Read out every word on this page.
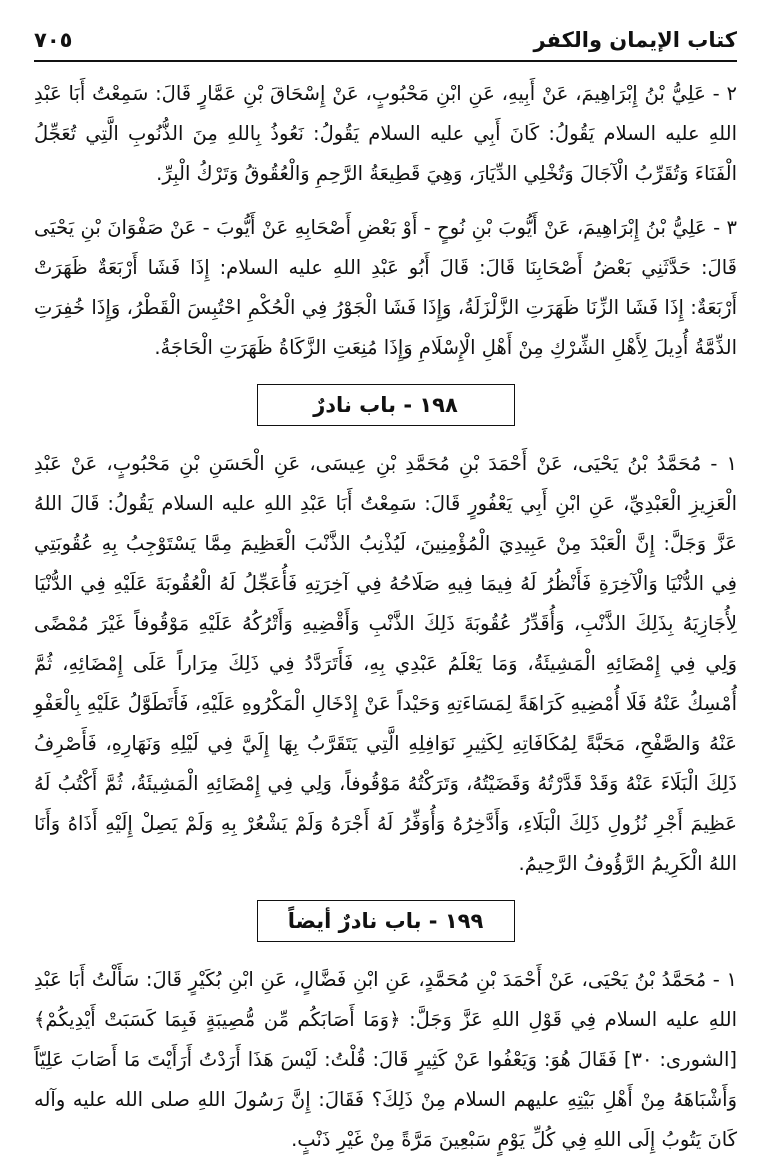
كتاب الإيمان والكفر
٧٠٥

٢ - عَلِيُّ بْنُ إِبْرَاهِيمَ، عَنْ أَبِيهِ، عَنِ ابْنِ مَحْبُوبٍ، عَنْ إِسْحَاقَ بْنِ عَمَّارٍ قَالَ: سَمِعْتُ أَبَا عَبْدِ اللهِ عليه السلام يَقُولُ: كَانَ أَبِي عليه السلام يَقُولُ: نَعُوذُ بِاللهِ مِنَ الذُّنُوبِ الَّتِي تُعَجِّلُ الْفَنَاءَ وَتُقَرِّبُ الْآجَالَ وَتُخْلِي الدِّيَارَ، وَهِيَ قَطِيعَةُ الرَّحِمِ وَالْعُقُوقُ وَتَرْكُ الْبِرِّ.

٣ - عَلِيُّ بْنُ إِبْرَاهِيمَ، عَنْ أَيُّوبَ بْنِ نُوحٍ - أَوْ بَعْضِ أَصْحَابِهِ عَنْ أَيُّوبَ - عَنْ صَفْوَانَ بْنِ يَحْيَى قَالَ: حَدَّثَنِي بَعْضُ أَصْحَابِنَا قَالَ: قَالَ أَبُو عَبْدِ اللهِ عليه السلام: إِذَا فَشَا أَرْبَعَةٌ ظَهَرَتْ أَرْبَعَةٌ: إِذَا فَشَا الزِّنَا ظَهَرَتِ الزَّلْزَلَةُ، وَإِذَا فَشَا الْجَوْرُ فِي الْحُكْمِ احْتُبِسَ الْقَطْرُ، وَإِذَا خُفِرَتِ الذِّمَّةُ أُدِيلَ لِأَهْلِ الشِّرْكِ مِنْ أَهْلِ الْإِسْلَامِ وَإِذَا مُنِعَتِ الزَّكَاةُ ظَهَرَتِ الْحَاجَةُ.

١٩٨ - باب نادرٌ

١ - مُحَمَّدُ بْنُ يَحْيَى، عَنْ أَحْمَدَ بْنِ مُحَمَّدِ بْنِ عِيسَى، عَنِ الْحَسَنِ بْنِ مَحْبُوبٍ، عَنْ عَبْدِ الْعَزِيزِ الْعَبْدِيِّ، عَنِ ابْنِ أَبِي يَعْفُورٍ قَالَ: سَمِعْتُ أَبَا عَبْدِ اللهِ عليه السلام يَقُولُ: قَالَ اللهُ عَزَّ وَجَلَّ: إِنَّ الْعَبْدَ مِنْ عَبِيدِيَ الْمُؤْمِنِينَ، لَيُذْنِبُ الذَّنْبَ الْعَظِيمَ مِمَّا يَسْتَوْجِبُ بِهِ عُقُوبَتِي فِي الدُّنْيَا وَالْآخِرَةِ فَأَنْظُرُ لَهُ فِيمَا فِيهِ صَلَاحُهُ فِي آخِرَتِهِ فَأُعَجِّلُ لَهُ الْعُقُوبَةَ عَلَيْهِ فِي الدُّنْيَا لِأُجَازِيَهُ بِذَلِكَ الذَّنْبِ، وَأُقَدِّرُ عُقُوبَةَ ذَلِكَ الذَّنْبِ وَأَقْضِيهِ وَأَتْرُكُهُ عَلَيْهِ مَوْقُوفاً غَيْرَ مُمْضًى وَلِي فِي إِمْضَائِهِ الْمَشِيئَةُ، وَمَا يَعْلَمُ عَبْدِي بِهِ، فَأَتَرَدَّدُ فِي ذَلِكَ مِرَاراً عَلَى إِمْضَائِهِ، ثُمَّ أُمْسِكُ عَنْهُ فَلَا أُمْضِيهِ كَرَاهَةً لِمَسَاءَتِهِ وَحَيْداً عَنْ إِدْخَالِ الْمَكْرُوهِ عَلَيْهِ، فَأَتَطَوَّلُ عَلَيْهِ بِالْعَفْوِ عَنْهُ وَالصَّفْحِ، مَحَبَّةً لِمُكَافَاتِهِ لِكَثِيرِ نَوَافِلِهِ الَّتِي يَتَقَرَّبُ بِهَا إِلَيَّ فِي لَيْلِهِ وَنَهَارِهِ، فَأَصْرِفُ ذَلِكَ الْبَلَاءَ عَنْهُ وَقَدْ قَدَّرْتُهُ وَقَضَيْتُهُ، وَتَرَكْتُهُ مَوْقُوفاً، وَلِي فِي إِمْضَائِهِ الْمَشِيئَةُ، ثُمَّ أَكْتُبُ لَهُ عَظِيمَ أَجْرِ نُزُولِ ذَلِكَ الْبَلَاءِ، وَأَدَّخِرُهُ وَأُوَفِّرُ لَهُ أَجْرَهُ وَلَمْ يَشْعُرْ بِهِ وَلَمْ يَصِلْ إِلَيْهِ أَذَاهُ وَأَنَا اللهُ الْكَرِيمُ الرَّؤُوفُ الرَّحِيمُ.

١٩٩ - باب نادرٌ أيضاً

١ - مُحَمَّدُ بْنُ يَحْيَى، عَنْ أَحْمَدَ بْنِ مُحَمَّدٍ، عَنِ ابْنِ فَضَّالٍ، عَنِ ابْنِ بُكَيْرٍ قَالَ: سَأَلْتُ أَبَا عَبْدِ اللهِ عليه السلام فِي قَوْلِ اللهِ عَزَّ وَجَلَّ: ﴿وَمَا أَصَابَكُم مِّن مُّصِيبَةٍ فَبِمَا كَسَبَتْ أَيْدِيكُمْ﴾ [الشورى: ٣٠] فَقَالَ هُوَ: وَيَعْفُوا عَنْ كَثِيرٍ قَالَ: قُلْتُ: لَيْسَ هَذَا أَرَدْتُ أَرَأَيْتَ مَا أَصَابَ عَلِيّاً وَأَشْبَاهَهُ مِنْ أَهْلِ بَيْتِهِ عليهم السلام مِنْ ذَلِكَ؟ فَقَالَ: إِنَّ رَسُولَ اللهِ صلى الله عليه وآله كَانَ يَتُوبُ إِلَى اللهِ فِي كُلِّ يَوْمٍ سَبْعِينَ مَرَّةً مِنْ غَيْرِ ذَنْبٍ.
